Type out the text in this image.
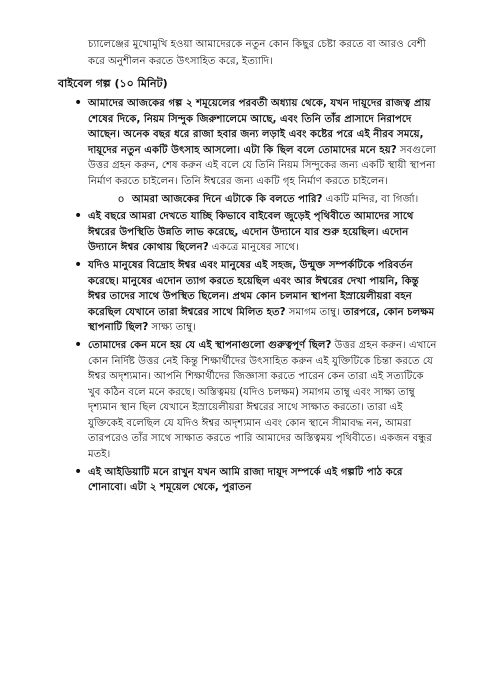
চ্যালেঞ্জের মুখোমুখি হওয়া আমাদেরকে নতুন কোন কিছুর চেষ্টা করতে বা আরও বেশী করে অনুশীলন করতে উৎসাহিত করে, ইত্যাদি।

বাইবেল গল্প (১০ মিনিট)
• আমাদের আজকের গল্প ২ শমূয়েলের পরবর্তী অধ্যায় থেকে, যখন দায়ূদের রাজত্ব প্রায় শেষের দিকে, নিয়ম সিন্দুক জিরুশালেমে আছে, এবং তিনি তাঁর প্রাসাদে নিরাপদে আছেন। অনেক বছর ধরে রাজা হবার জন্য লড়াই এবং কষ্টের পরে এই নীরব সময়ে, দায়ূদের নতুন একটি উৎসাহ আসলো। এটা কি ছিল বলে তোমাদের মনে হয়? সবগুলো উত্তর গ্রহন করুন, শেষ করুন এই বলে যে তিনি নিয়ম সিন্দুকের জন্য একটি স্থায়ী স্থাপনা নির্মাণ করতে চাইলেন। তিনি ঈশ্বরের জন্য একটি গৃহ নির্মাণ করতে চাইলেন।
o আমরা আজকের দিনে এটাকে কি বলতে পারি? একটি মন্দির, বা গির্জা।
• এই বছরে আমরা দেখতে যাচ্ছি কিভাবে বাইবেল জুড়েই পৃথিবীতে আমাদের সাথে ঈশ্বরের উপস্থিতি উন্নতি লাভ করেছে, এদোন উদ্যানে যার শুরু হয়েছিল। এদোন উদ্যানে ঈশ্বর কোথায় ছিলেন? একত্রে মানুষের সাথে।
• যদিও মানুষের বিদ্রোহ ঈশ্বর এবং মানুষের এই সহজ, উন্মুক্ত সম্পর্কটিকে পরিবর্তন করেছে। মানুষের এদোন ত্যাগ করতে হয়েছিল এবং আর ঈশ্বরের দেখা পায়নি, কিন্তু ঈশ্বর তাদের সাথে উপস্থিত ছিলেন। প্রথম কোন চলমান স্থাপনা ইস্রায়েলীয়রা বহন করেছিল যেখানে তারা ঈশ্বরের সাথে মিলিত হত? সমাগম তাম্বু। তারপরে, কোন চলক্ষম স্থাপনাটি ছিল? সাক্ষ্য তাম্বু।
• তোমাদের কেন মনে হয় যে এই স্থাপনাগুলো গুরুত্বপূর্ণ ছিল? উত্তর গ্রহন করুন। এখানে কোন নির্দিষ্ট উত্তর নেই কিন্তু শিক্ষার্থীদের উৎসাহিত করুন এই যুক্তিটিকে চিন্তা করতে যে ঈশ্বর অদৃশ্যমান। আপনি শিক্ষার্থীদের জিজ্ঞাসা করতে পারেন কেন তারা এই সত্যটিকে খুব কঠিন বলে মনে করছে। অস্তিত্বময় (যদিও চলক্ষম) সমাগম তাম্বু এবং সাক্ষ্য তাম্বু দৃশ্যমান স্থান ছিল যেখানে ইস্রায়েলীয়রা ঈশ্বরের সাথে সাক্ষাত করতো। তারা এই যুক্তিকেই বলেছিল যে যদিও ঈশ্বর অদৃশ্যমান এবং কোন স্থানে সীমাবদ্ধ নন, আমরা তারপরেও তাঁর সাথে সাক্ষাত করতে পারি আমাদের অস্তিত্বময় পৃথিবীতে। একজন বন্ধুর মতই।
• এই আইডিয়াটি মনে রাখুন যখন আমি রাজা দায়ূদ সম্পর্কে এই গল্পটি পাঠ করে শোনাবো। এটা ২ শমূয়েল থেকে, পুরাতন
